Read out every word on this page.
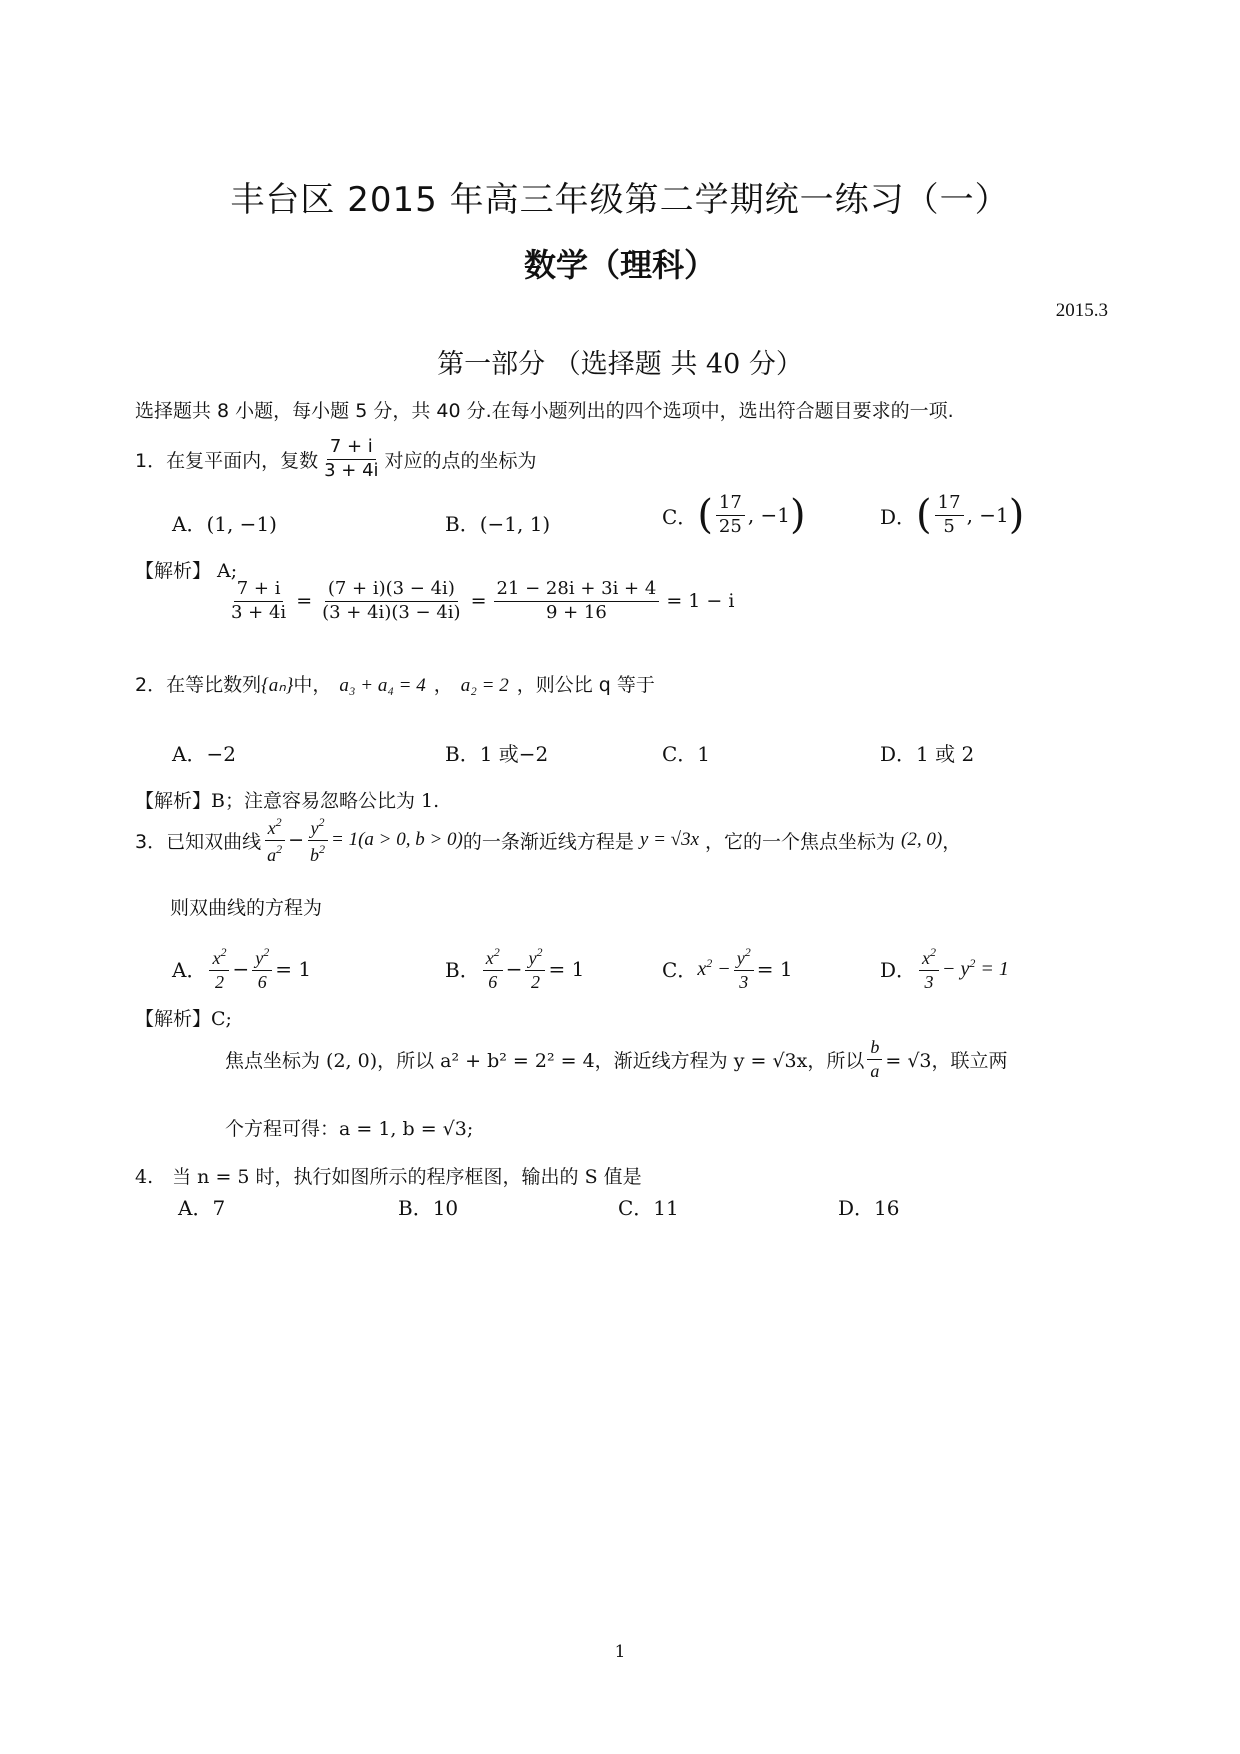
丰台区 2015 年高三年级第二学期统一练习（一）
数学（理科）
2015.3
第一部分 （选择题 共 40 分）
选择题共 8 小题，每小题 5 分，共 40 分.在每小题列出的四个选项中，选出符合题目要求的一项.
1．在复平面内，复数 $\frac{7 + i}{3 + 4i}$ 对应的点的坐标为
A．(1, −1)	B．(−1, 1)	C． ( $\frac{17}{25}$ , −1 )	D． ( $\frac{17}{5}$ , −1 )
【解析】 A;
$\frac{7 + i}{3 + 4i} = \frac{(7 + i)(3 - 4i)}{(3 + 4i)(3 - 4i)} = \frac{21 - 28i + 3i + 4}{9 + 16} = 1 - i$
2．在等比数列{aₙ}中， a₃ + a₄ = 4 ， a₂ = 2 ，则公比 q 等于
A．−2	B．1 或−2	C．1	D．1 或 2
【解析】B；注意容易忽略公比为 1.
3．已知双曲线 $\frac{x^2}{a^2} - \frac{y^2}{b^2} = 1(a > 0$, b > 0) 的一条渐近线方程是 y = √3x ，它的一个焦点坐标为 (2, 0) ，
则双曲线的方程为
A． $\frac{x^2}{2} - \frac{y^2}{6} = 1$	B． $\frac{x^2}{6} - \frac{y^2}{2} = 1$	C． $x^2 - \frac{y^2}{3} = 1$	D． $\frac{x^2}{3} - y^2 = 1$
【解析】C;
焦点坐标为 (2, 0)，所以 a² + b² = 2² = 4，渐近线方程为 y = √3x，所以 $\frac{b}{a} = √3$，联立两
个方程可得：a = 1, b = √3;
4.　当 n = 5 时，执行如图所示的程序框图，输出的 S 值是
A．7	B．10	C．11	D．16
1
